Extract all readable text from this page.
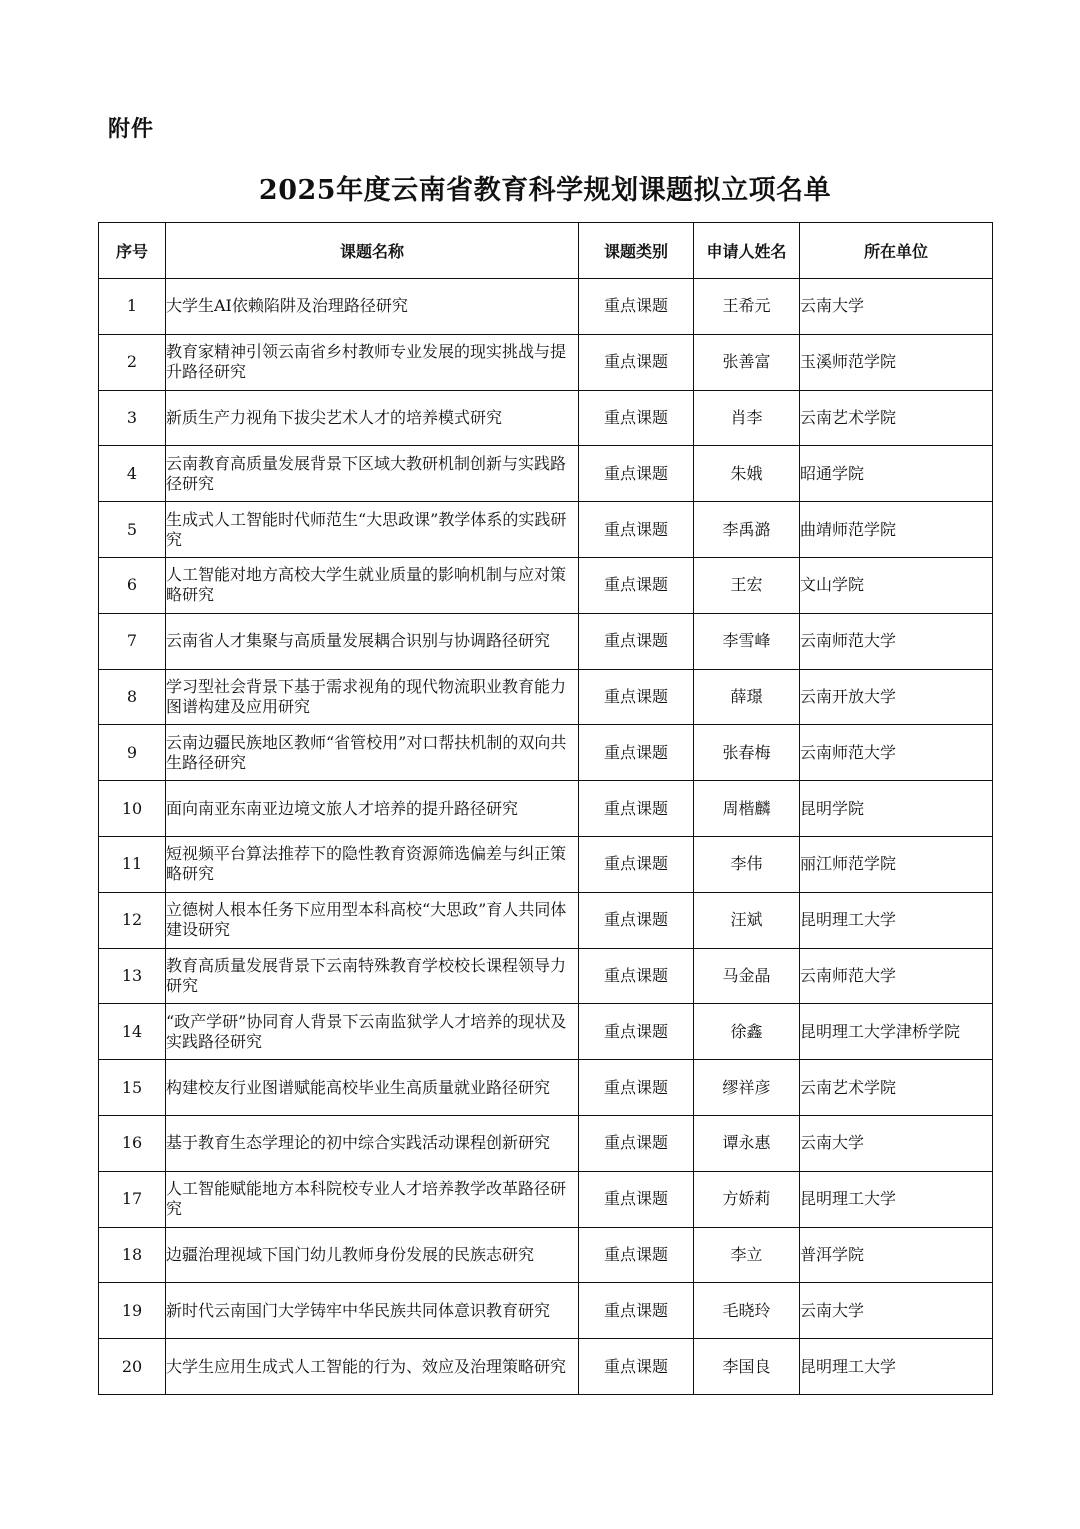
附件
2025年度云南省教育科学规划课题拟立项名单
序号	课题名称	课题类别	申请人姓名	所在单位
1	大学生AI依赖陷阱及治理路径研究	重点课题	王希元	云南大学
2	教育家精神引领云南省乡村教师专业发展的现实挑战与提升路径研究	重点课题	张善富	玉溪师范学院
3	新质生产力视角下拔尖艺术人才的培养模式研究	重点课题	肖李	云南艺术学院
4	云南教育高质量发展背景下区域大教研机制创新与实践路径研究	重点课题	朱娥	昭通学院
5	生成式人工智能时代师范生“大思政课”教学体系的实践研究	重点课题	李禹潞	曲靖师范学院
6	人工智能对地方高校大学生就业质量的影响机制与应对策略研究	重点课题	王宏	文山学院
7	云南省人才集聚与高质量发展耦合识别与协调路径研究	重点课题	李雪峰	云南师范大学
8	学习型社会背景下基于需求视角的现代物流职业教育能力图谱构建及应用研究	重点课题	薛璟	云南开放大学
9	云南边疆民族地区教师“省管校用”对口帮扶机制的双向共生路径研究	重点课题	张春梅	云南师范大学
10	面向南亚东南亚边境文旅人才培养的提升路径研究	重点课题	周楷麟	昆明学院
11	短视频平台算法推荐下的隐性教育资源筛选偏差与纠正策略研究	重点课题	李伟	丽江师范学院
12	立德树人根本任务下应用型本科高校“大思政”育人共同体建设研究	重点课题	汪斌	昆明理工大学
13	教育高质量发展背景下云南特殊教育学校校长课程领导力研究	重点课题	马金晶	云南师范大学
14	“政产学研”协同育人背景下云南监狱学人才培养的现状及实践路径研究	重点课题	徐鑫	昆明理工大学津桥学院
15	构建校友行业图谱赋能高校毕业生高质量就业路径研究	重点课题	缪祥彦	云南艺术学院
16	基于教育生态学理论的初中综合实践活动课程创新研究	重点课题	谭永惠	云南大学
17	人工智能赋能地方本科院校专业人才培养教学改革路径研究	重点课题	方娇莉	昆明理工大学
18	边疆治理视域下国门幼儿教师身份发展的民族志研究	重点课题	李立	普洱学院
19	新时代云南国门大学铸牢中华民族共同体意识教育研究	重点课题	毛晓玲	云南大学
20	大学生应用生成式人工智能的行为、效应及治理策略研究	重点课题	李国良	昆明理工大学
